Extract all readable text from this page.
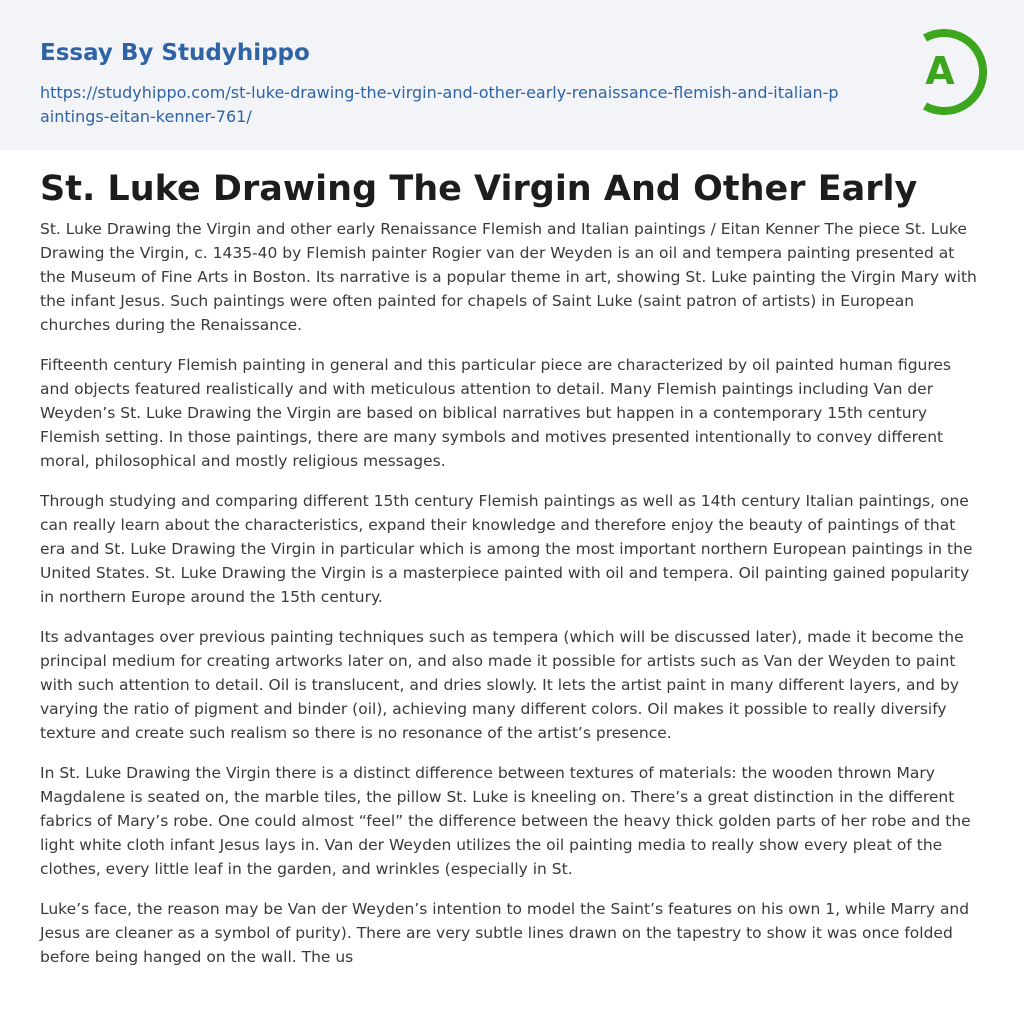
Essay By Studyhippo
https://studyhippo.com/st-luke-drawing-the-virgin-and-other-early-renaissance-flemish-and-italian-paintings-eitan-kenner-761/
A
St. Luke Drawing The Virgin And Other Early

St. Luke Drawing the Virgin and other early Renaissance Flemish and Italian paintings / Eitan Kenner The piece St. Luke Drawing the Virgin, c. 1435-40 by Flemish painter Rogier van der Weyden is an oil and tempera painting presented at the Museum of Fine Arts in Boston. Its narrative is a popular theme in art, showing St. Luke painting the Virgin Mary with the infant Jesus. Such paintings were often painted for chapels of Saint Luke (saint patron of artists) in European churches during the Renaissance.

Fifteenth century Flemish painting in general and this particular piece are characterized by oil painted human figures and objects featured realistically and with meticulous attention to detail. Many Flemish paintings including Van der Weyden’s St. Luke Drawing the Virgin are based on biblical narratives but happen in a contemporary 15th century Flemish setting. In those paintings, there are many symbols and motives presented intentionally to convey different moral, philosophical and mostly religious messages.

Through studying and comparing different 15th century Flemish paintings as well as 14th century Italian paintings, one can really learn about the characteristics, expand their knowledge and therefore enjoy the beauty of paintings of that era and St. Luke Drawing the Virgin in particular which is among the most important northern European paintings in the United States. St. Luke Drawing the Virgin is a masterpiece painted with oil and tempera. Oil painting gained popularity in northern Europe around the 15th century.

Its advantages over previous painting techniques such as tempera (which will be discussed later), made it become the principal medium for creating artworks later on, and also made it possible for artists such as Van der Weyden to paint with such attention to detail. Oil is translucent, and dries slowly. It lets the artist paint in many different layers, and by varying the ratio of pigment and binder (oil), achieving many different colors. Oil makes it possible to really diversify texture and create such realism so there is no resonance of the artist’s presence.

In St. Luke Drawing the Virgin there is a distinct difference between textures of materials: the wooden thrown Mary Magdalene is seated on, the marble tiles, the pillow St. Luke is kneeling on. There’s a great distinction in the different fabrics of Mary’s robe. One could almost “feel” the difference between the heavy thick golden parts of her robe and the light white cloth infant Jesus lays in. Van der Weyden utilizes the oil painting media to really show every pleat of the clothes, every little leaf in the garden, and wrinkles (especially in St.

Luke’s face, the reason may be Van der Weyden’s intention to model the Saint’s features on his own 1, while Marry and Jesus are cleaner as a symbol of purity). There are very subtle lines drawn on the tapestry to show it was once folded before being hanged on the wall. The us
